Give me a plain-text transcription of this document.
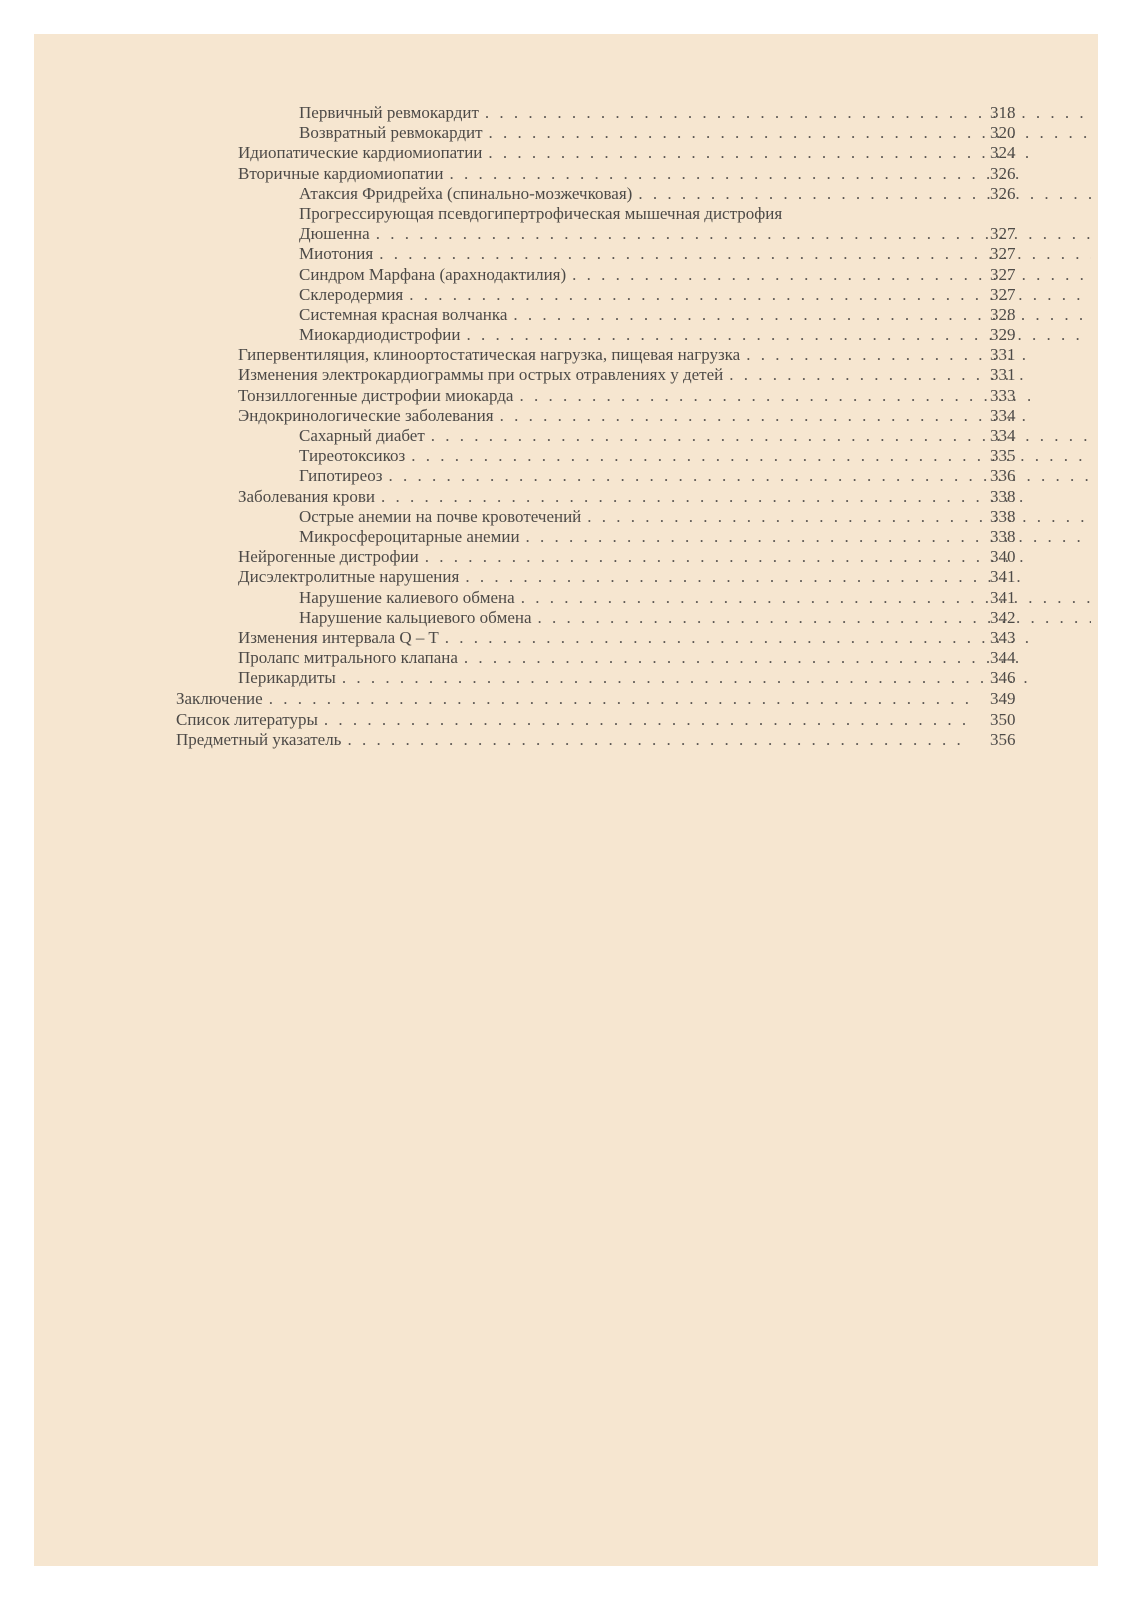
Первичный ревмокардит . . .	318
Возвратный ревмокардит . . .	320
Идиопатические кардиомиопатии . . .	324
Вторичные кардиомиопатии . . .	326
Атаксия Фридрейха (спинально-мозжечковая) . . .	326
Прогрессирующая псевдогипертрофическая мышечная дистрофия
Дюшенна . . .	327
Миотония . . .	327
Синдром Марфана (арахнодактилия) . . .	327
Склеродермия . . .	327
Системная красная волчанка . . .	328
Миокардиодистрофии . . .	329
Гипервентиляция, клиноортостатическая нагрузка, пищевая нагрузка . . .	331
Изменения электрокардиограммы при острых отравлениях у детей . . .	331
Тонзиллогенные дистрофии миокарда . . .	333
Эндокринологические заболевания . . .	334
Сахарный диабет . . .	334
Тиреотоксикоз . . .	335
Гипотиреоз . . .	336
Заболевания крови . . .	338
Острые анемии на почве кровотечений . . .	338
Микросфероцитарные анемии . . .	338
Нейрогенные дистрофии . . .	340
Дисэлектролитные нарушения . . .	341
Нарушение калиевого обмена . . .	341
Нарушение кальциевого обмена . . .	342
Изменения интервала Q – T . . .	343
Пролапс митрального клапана . . .	344
Перикардиты . . .	346
Заключение . . .	349
Список литературы . . .	350
Предметный указатель . . .	356
